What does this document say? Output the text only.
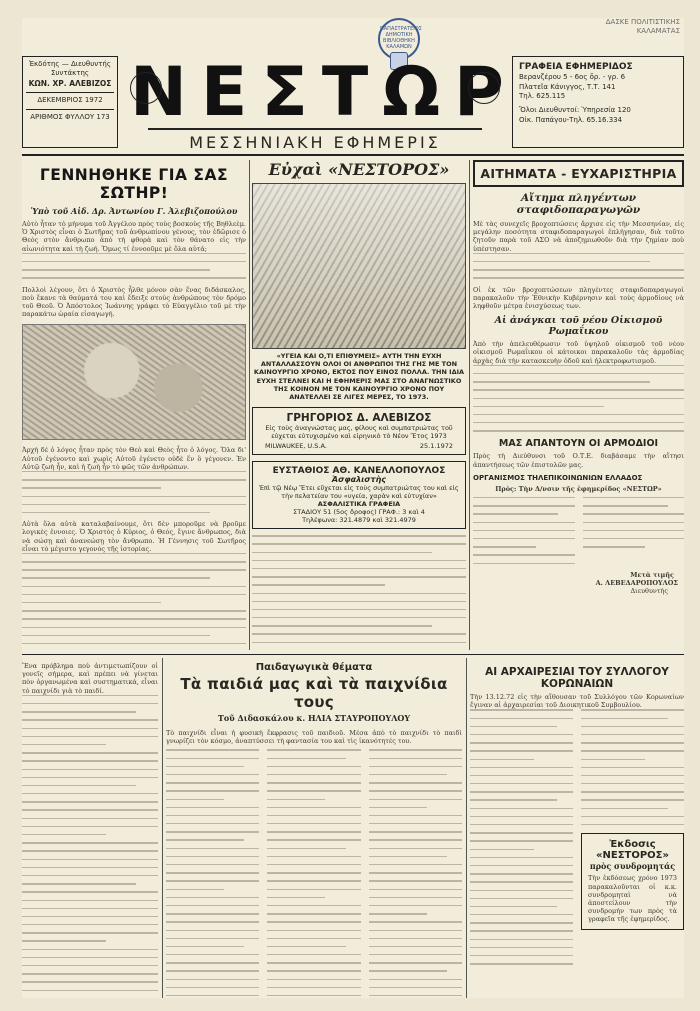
ΠΑΠΑΣΤΡΑΤΕΙΟΣ ΔΗΜΟΤΙΚΗ ΒΙΒΛΙΟΘΗΚΗ ΚΑΛΑΜΩΝ
ΔΑΣΚΕ ΠΟΛΙΤΙΣΤΙΚΗΣ
ΚΑΛΑΜΑΤΑΣ
Ἐκδότης — Διευθυντής
Συντάκτης
ΚΩΝ. ΧΡ. ΑΛΕΒΙΖΟΣ
ΔΕΚΕΜΒΡΙΟΣ 1972
ΑΡΙΘΜΟΣ ΦΥΛΛΟΥ 173 ΝΕΣΤΩΡ
ΜΕΣΣΗΝΙΑΚΗ ΕΦΗΜΕΡΙΣ
ΓΡΑΦΕΙΑ ΕΦΗΜΕΡΙΔΟΣ
Βερανζέρου 5 - 6ος ὄρ. - γρ. 6
Πλατεῖα Κάνιγγος, Τ.Τ. 141
Τηλ. 625.115
Ὅλοι Διευθυντοί: Ὑπηρεσία 120
Οἰκ. Παπάγου-Τηλ. 65.16.334
ΓΕΝΝΗΘΗΚΕ ΓΙΑ ΣΑΣ ΣΩΤΗΡ!
Ὑπὸ τοῦ Αἰδ. Δρ. Ἀντωνίου Γ. Ἀλεβιζοπούλου

Αὐτὸ ἦταν τὸ μήνυμα τοῦ Ἀγγέλου πρὸς τοὺς βοσκοὺς τῆς Βηθλεὲμ. Ὁ Χριστὸς εἶναι ὁ Σωτῆρας τοῦ ἀνθρωπίνου γένους, τὸν ἐδῶρισε ὁ Θεὸς στὸν ἄνθρωπο ἀπὸ τὴ φθορὰ καὶ τὸν θάνατο εἰς τὴν αἰωνιότητα καὶ τὴ ζωή. Ὅμως τί ἐννοοῦμε μὲ ὅλα αὐτά;

Πολλοὶ λέγουν, ὅτι ὁ Χριστὸς ἦλθε μόνον σὰν ἕνας διδάσκαλος, ποὺ ἔκανε τὰ θαύματά του καὶ ἔδειξε στοὺς ἀνθρώπους τὸν δρόμο τοῦ Θεοῦ. Ὁ Ἀπόστολος Ἰωάννης γράφει τὸ Εὐαγγέλιο τοῦ μὲ τὴν παρακάτω ὡραία εἰσαγωγή.

Ἀρχὴ δέ ὁ λόγος ἦταν πρὸς τὸν Θεὸ καὶ Θεὸς ἦτο ὁ λόγος. Ὅλα δι' Αὐτοῦ ἐγένοντο καὶ χωρὶς Αὐτοῦ ἐγένετο οὐδὲ ἕν ὃ γέγονεν. Ἐν Αὐτῷ ζωὴ ἦν, καὶ ἡ ζωὴ ἦν τὸ φῶς τῶν ἀνθρώπων.

Αὐτὰ ὅλα αὐτὰ καταλαβαίνουμε, ὅτι δὲν μποροῦμε νὰ βροῦμε λογικὲς ἐννοιες. Ὁ Χριστὸς ὁ Κύριος, ὁ Θεός, ἔγινε ἄνθρωπος, διὰ νὰ σώσῃ καὶ ἀνανεώσῃ τὸν ἄνθρωπο. Ἡ Γέννησις τοῦ Σωτῆρος εἶναι τὸ μέγιστο γεγονὸς τῆς ἱστορίας.

Εὐχαὶ «ΝΕΣΤΟΡΟΣ»
«ΥΓΕΙΑ ΚΑΙ Ο,ΤΙ ΕΠΙΘΥΜΕΙΣ» ΑΥΤΗ ΤΗΝ ΕΥΧΗ ΑΝΤΑΛΛΑΣΣΟΥΝ ΟΛΟΙ ΟΙ ΑΝΘΡΩΠΟΙ ΤΗΣ ΓΗΣ ΜΕ ΤΟΝ ΚΑΙΝΟΥΡΓΙΟ ΧΡΟΝΟ, ΕΚΤΟΣ ΠΟΥ ΕΙΝΟΣ ΠΟΛΛΑ. ΤΗΝ ΙΔΙΑ ΕΥΧΗ ΣΤΕΛΝΕΙ ΚΑΙ Η ΕΦΗΜΕΡΙΣ ΜΑΣ ΣΤΟ ΑΝΑΓΝΩΣΤΙΚΟ ΤΗΣ ΚΟΙΝΟΝ ΜΕ ΤΟΝ ΚΑΙΝΟΥΡΓΙΟ ΧΡΟΝΟ ΠΟΥ ΑΝΑΤΕΛΛΕΙ ΣΕ ΛΙΓΕΣ ΜΕΡΕΣ, ΤΟ 1973.
ΓΡΗΓΟΡΙΟΣ Δ. ΑΛΕΒΙΖΟΣ
Εἰς τοὺς ἀναγνώστας μας, φίλους καὶ συμπατριώτας τοῦ εὐχεται εὐτυχισμένο καὶ εἰρηνικὸ τὸ Νέον Ἔτος 1973
MILWAUKEE, U.S.A.	25.1.1972
ΕΥΣΤΑΘΙΟΣ ΑΘ. ΚΑΝΕΛΛΟΠΟΥΛΟΣ
Ἀσφαλιστὴς
Ἐπὶ τῷ Νέῳ Ἔτει εὔχεται εἰς τοὺς συμπατριώτας του καὶ εἰς τὴν πελατείαν του «υγεία, χαρὰν καὶ εὐτυχίαν»
ΑΣΦΑΛΙΣΤΙΚΑ ΓΡΑΦΕΙΑ
ΣΤΑΔΙΟΥ 51 (5ος ὄροφος) ΓΡΑΦ.: 3 καὶ 4
Τηλέφωνα: 321.4879 καὶ 321.4979
ΑΙΤΗΜΑΤΑ - ΕΥΧΑΡΙΣΤΗΡΙΑ
Αἴτημα πληγέντων σταφιδοπαραγωγῶν

Μὲ τὰς συνεχεῖς βροχοπτώσεις ἄρχισε εἰς τὴν Μεσσηνίαν, εἰς μεγάλην ποσότητα σταφιδοπαραγωγοὶ ἐπλήγησαν, διὰ τοῦτο ζητοῦν παρὰ τοῦ ΑΣΟ νὰ ἀποζημιωθοῦν διὰ τὴν ζημίαν ποὺ ὑπέστησαν.

Οἱ ἐκ τῶν βροχοπτώσεων πληγέντες σταφιδοπαραγωγοὶ παρακαλοῦν τὴν Ἐθνικὴν Κυβέρνησιν καὶ τοὺς ἁρμοδίους νὰ ληφθοῦν μέτρα ἐνισχύσεως των.

Αἱ ἀνάγκαι τοῦ νέου Οἰκισμοῦ Ρωμαΐικου

Ἀπὸ τὴν ἀπελευθέρωσιν τοῦ ὑψηλοῦ οἰκισμοῦ τοῦ νέου οἰκισμοῦ Ρωμαΐικου οἱ κάτοικοι παρακαλοῦν τὰς ἁρμοδίας ἀρχὰς διὰ τὴν κατασκευὴν ὁδοῦ καὶ ἡλεκτροφωτισμοῦ.

ΜΑΣ ΑΠΑΝΤΟΥΝ ΟΙ ΑΡΜΟΔΙΟΙ

Πρὸς τὴ Διεύθυνσι τοῦ Ο.Τ.Ε. διαβάσαμε τὴν αἴτησι ἀπαντήσεως τῶν ἐπιστολῶν μας.

ΟΡΓΑΝΙΣΜΟΣ ΤΗΛΕΠΙΚΟΙΝΩΝΙΩΝ ΕΛΛΑΔΟΣ
Πρὸς: Τὴν Δ/νσιν τῆς ἐφημερίδος «ΝΕΣΤΩΡ»
Μετὰ τιμῆς
Α. ΛΕΒΕΔΑΡΟΠΟΥΛΟΣ
Διευθυντὴς

Ἕνα πρόβλημα ποὺ ἀντιμετωπίζουν οἱ γονεῖς σήμερα, καὶ πρέπει νὰ γίνεται πὸν ὀργανωμένα καὶ συστηματικά, εἶναι τὸ παιχνίδι γιὰ τὸ παιδί.

Παιδαγωγικὰ θέματα
Τὰ παιδιά μας καὶ τὰ παιχνίδια τους
Τοῦ Διδασκάλου κ. ΗΛΙΑ ΣΤΑΥΡΟΠΟΥΛΟΥ

Τὸ παιχνίδι εἶναι ἡ φυσικὴ ἔκφρασις τοῦ παιδιοῦ. Μέσα ἀπὸ τὸ παιχνίδι τὸ παιδὶ γνωρίζει τὸν κόσμο, ἀναπτύσσει τὴ φαντασία του καὶ τὶς ἱκανότητές του.

ΑΙ ΑΡΧΑΙΡΕΣΙΑΙ ΤΟΥ ΣΥΛΛΟΓΟΥ ΚΟΡΩΝΑΙΩΝ

Τὴν 13.12.72 εἰς τὴν αἴθουσαν τοῦ Συλλόγου τῶν Κορωναίων ἔγιναν αἱ ἀρχαιρεσίαι τοῦ Διοικητικοῦ Συμβουλίου.

Ἐκδοσις «ΝΕΣΤΟΡΟΣ»
πρὸς συνδρομητάς

Τὴν ἐκδόσεως χρόνο 1973 παρακαλοῦνται οἱ κ.κ. συνδρομηταὶ νὰ ἀποστείλουν τὴν συνδρομήν των πρὸς τὰ γραφεῖα τῆς ἐφημερίδος.
